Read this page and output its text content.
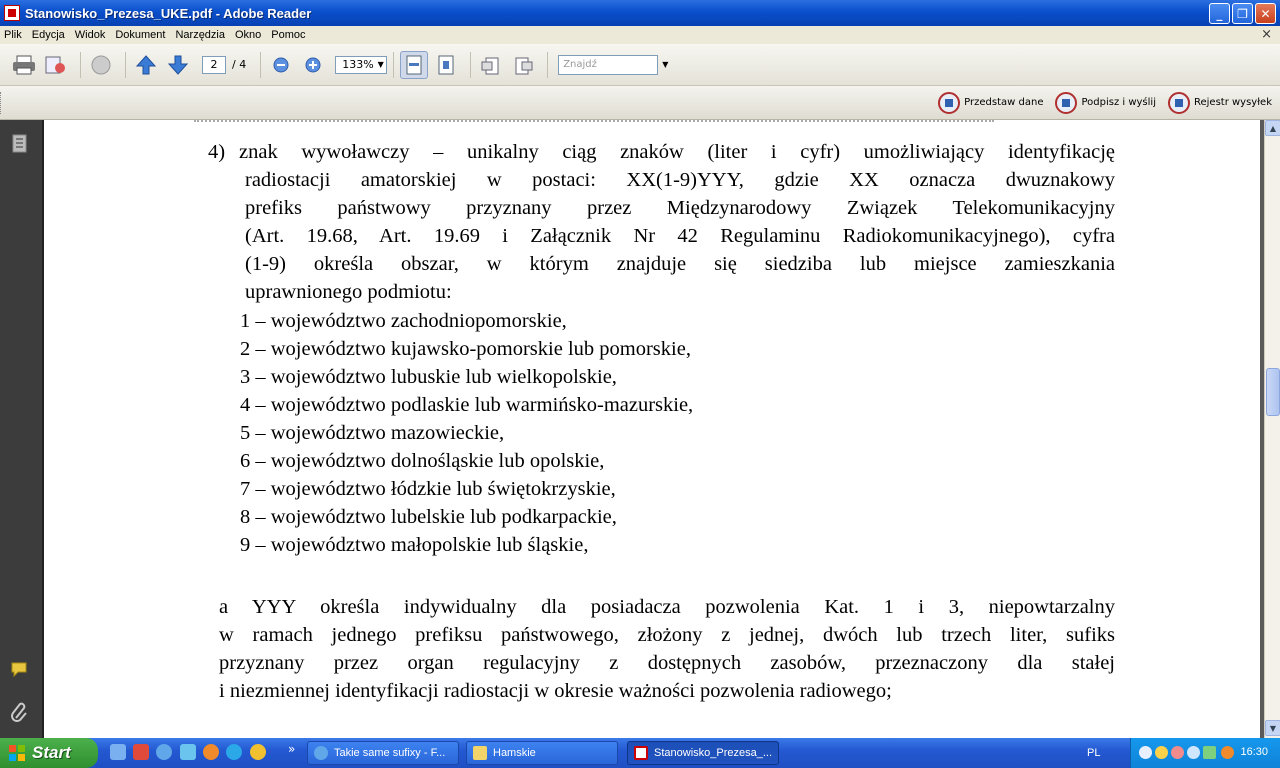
Stanowisko_Prezesa_UKE.pdf - Adobe Reader	_	❐	✕
Plik Edycja Widok Dokument Narzędzia Okno Pomoc	×
2	/ 4	133% ▼	Znajdź	▼
Przedstaw dane	Podpisz i wyślij	Rejestr wysyłek
4) znak wywoławczy – unikalny ciąg znaków (liter i cyfr) umożliwiający identyfikację
radiostacji amatorskiej w postaci: XX(1-9)YYY, gdzie XX oznacza dwuznakowy
prefiks państwowy przyznany przez Międzynarodowy Związek Telekomunikacyjny
(Art. 19.68, Art. 19.69 i Załącznik Nr 42 Regulaminu Radiokomunikacyjnego), cyfra
(1-9) określa obszar, w którym znajduje się siedziba lub miejsce zamieszkania
uprawnionego podmiotu:
1 – województwo zachodniopomorskie,
2 – województwo kujawsko-pomorskie lub pomorskie,
3 – województwo lubuskie lub wielkopolskie,
4 – województwo podlaskie lub warmińsko-mazurskie,
5 – województwo mazowieckie,
6 – województwo dolnośląskie lub opolskie,
7 – województwo łódzkie lub świętokrzyskie,
8 – województwo lubelskie lub podkarpackie,
9 – województwo małopolskie lub śląskie,
a YYY określa indywidualny dla posiadacza pozwolenia Kat. 1 i 3, niepowtarzalny
w ramach jednego prefiksu państwowego, złożony z jednej, dwóch lub trzech liter, sufiks
przyznany przez organ regulacyjny z dostępnych zasobów, przeznaczony dla stałej
i niezmiennej identyfikacji radiostacji w okresie ważności pozwolenia radiowego;
▲
▼
Start	»	Takie same sufixy - F...	Hamskie	Stanowisko_Prezesa_...	PL	16:30
